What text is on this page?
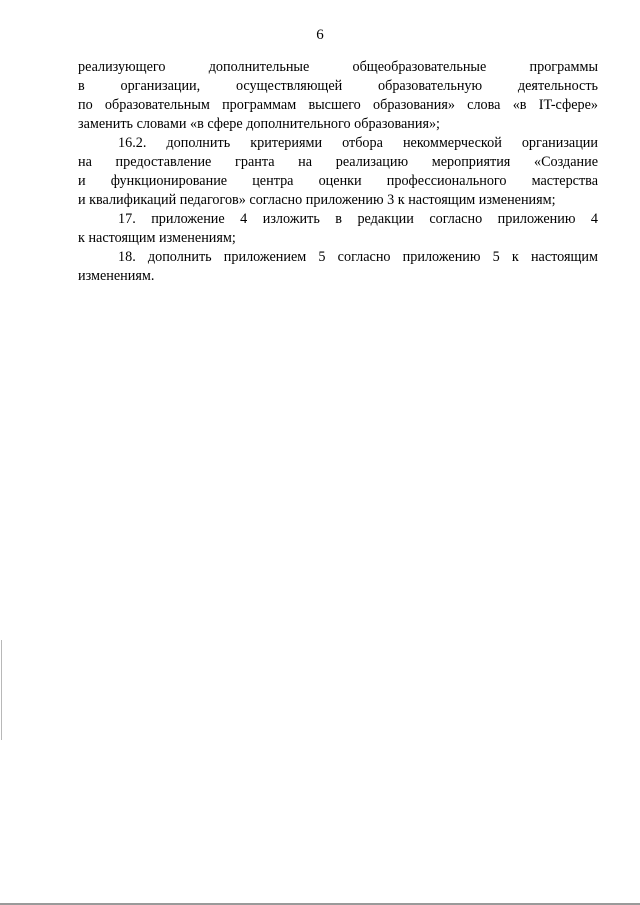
6
реализующего дополнительные общеобразовательные программы
в организации, осуществляющей образовательную деятельность
по образовательным программам высшего образования» слова «в IT-сфере»
заменить словами «в сфере дополнительного образования»;
16.2. дополнить критериями отбора некоммерческой организации
на предоставление гранта на реализацию мероприятия «Создание
и функционирование центра оценки профессионального мастерства
и квалификаций педагогов» согласно приложению 3 к настоящим изменениям;
17. приложение 4 изложить в редакции согласно приложению 4
к настоящим изменениям;
18. дополнить приложением 5 согласно приложению 5 к настоящим
изменениям.
